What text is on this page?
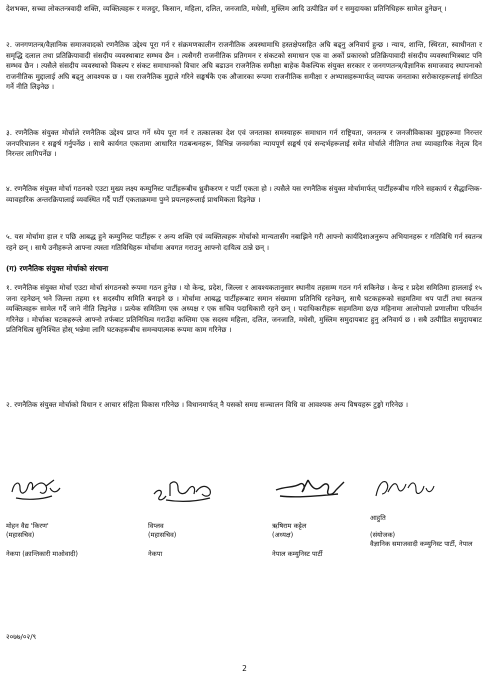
देशभक्त, सच्चा लोकतन्त्रवादी शक्ति, व्यक्तित्वहरू र मजदुर, किसान, महिला, दलित, जनजाति, मधेसी, मुस्लिम आदि उत्पीडित वर्ग र समुदायका प्रतिनिधिहरू सामेल हुनेछन् ।

२. जनगणतन्त्र/वैज्ञानिक समाजवादको रणनैतिक उद्देश्य पूरा गर्न र संक्रमणकालीन राजनीतिक अवस्थामाथि हस्तक्षेपसहित अघि बढ्नु अनिवार्य हुन्छ । न्याय, शान्ति, स्थिरता, स्वाधीनता र समृद्धि दलाल तथा प्रतिक्रियावादी संसदीय व्यवस्थाबाट सम्भव छैन । त्यसैगरी राजनीतिक प्रतिगमन र संकटको समाधान एक वा अर्को प्रकारको प्रतिक्रियावादी संसदीय व्यवस्थाभित्रबाट पनि सम्भव छैन । त्यसैले संसदीय व्यवस्थाको विकल्प र संकट समाधानको विचार अघि बढाउन राजनैतिक समीक्षा बाहेक वैकल्पिक संयुक्त सरकार र जनगणतन्त्र/वैज्ञानिक समाजवाद स्थापनाको राजनीतिक मुद्दालाई अघि बढ्नु आवश्यक छ । यस राजनैतिक मुद्दाले गरिने सङ्घर्षकै एक औजारका रूपमा राजनीतिक समीक्षा र अभ्यासहरूमार्फत् व्यापक जनताका सरोकारहरूलाई संगठित गर्ने नीति लिइनेछ ।

३. रणनैतिक संयुक्त मोर्चाले रणनैतिक उद्देश्य प्राप्त गर्ने ध्येय पूरा गर्न र तत्कालका देश एवं जनताका समस्याहरू समाधान गर्न राष्ट्रियता, जनतन्त्र र जनजीविकाका मुद्दाहरूमा निरन्तर जनपरिचालन र सङ्घर्ष गर्नुपर्नेछ । साथै कार्यगत एकतामा आधारित गठबन्धनहरू, विभिन्न जनवर्गका न्यायपूर्ण सङ्घर्ष एवं सन्दर्भहरूलाई समेत मोर्चाले नीतिगत तथा व्यावहारिक नेतृत्व दिन निरन्तर लागिपर्नेछ ।

४. रणनैतिक संयुक्त मोर्चा गठनको एउटा मुख्य लक्ष्य कम्युनिस्ट पार्टीहरूबीच ध्रुवीकरण र पार्टी एकता हो । त्यसैले यस रणनैतिक संयुक्त मोर्चामार्फत् पार्टीहरूबीच गरिने सहकार्य र सैद्धान्तिक-व्यावहारिक अन्तरक्रियालाई व्यवस्थित गर्दै पार्टी एकताक्रममा पुग्ने प्रयत्नहरूलाई प्राथमिकता दिइनेछ ।

५. यस मोर्चामा हाल र पछि आबद्ध हुने कम्युनिस्ट पार्टीहरू र अन्य शक्ति एवं व्यक्तित्वहरू मोर्चाको मान्यतासँग नबाझिने गरी आफ्नो कार्यदिशाअनुरूप अभियानहरू र गतिविधि गर्न स्वतन्त्र रहने छन् । साथै उनीहरूले आफ्ना त्यस्ता गतिविधिहरू मोर्चामा अवगत गराउनु आफ्नो दायित्व ठान्ने छन् ।

(ग) रणनैतिक संयुक्त मोर्चाको संरचना

१. रणनैतिक संयुक्त मोर्चा एउटा मोर्चा संगठनको रूपमा गठन हुनेछ । यो केन्द्र, प्रदेश, जिल्ला र आवश्यकतानुसार स्थानीय तहसम्म गठन गर्न सकिनेछ । केन्द्र र प्रदेश समितिमा हाललाई १५ जना रहनेछन् भने जिल्ला तहमा ११ सदस्यीय समिति बनाइने छ । मोर्चामा आबद्ध पार्टीहरूबाट समान संख्यामा प्रतिनिधि रहनेछन्, साथै घटकहरूको सहमतिमा थप पार्टी तथा स्वतन्त्र व्यक्तित्वहरू सामेल गर्दै जाने नीति लिइनेछ । प्रत्येक समितिमा एक अध्यक्ष र एक सचिव पदाधिकारी रहने छन् । पदाधिकारीहरू सहमतिमा छ/छ महिनामा आलोपालो प्रणालीमा परिवर्तन गरिनेछ । मोर्चाका घटकहरूले आफ्नो तर्फबाट प्रतिनिधित्व गराउँदा कम्तिमा एक सदस्य महिला, दलित, जनजाति, मधेसी, मुस्लिम समुदायबाट हुनु अनिवार्य छ । सबै उत्पीडित समुदायबाट प्रतिनिधित्व सुनिश्चित होस् भन्नेमा लागि घटकहरूबीच समन्वयात्मक रूपमा काम गरिनेछ ।

२. रणनैतिक संयुक्त मोर्चाको विधान र आचार संहिता विकास गरिनेछ । विधानमार्फत् नै यसको समग्र सञ्चालन विधि वा आवश्यक अन्य विषयहरू टुङ्गो गरिनेछ ।

मोहन वैद्य 'किरण'
(महासचिव)
नेकपा (क्रान्तिकारी माओवादी)
विप्लव
(महासचिव)
नेकपा
ऋषिराम कट्टेल
(अध्यक्ष)
नेपाल कम्युनिस्ट पार्टी
आहुति
(संयोजक)
वैज्ञानिक समाजवादी कम्युनिस्ट पार्टी, नेपाल
२०७७/०२/९
2
